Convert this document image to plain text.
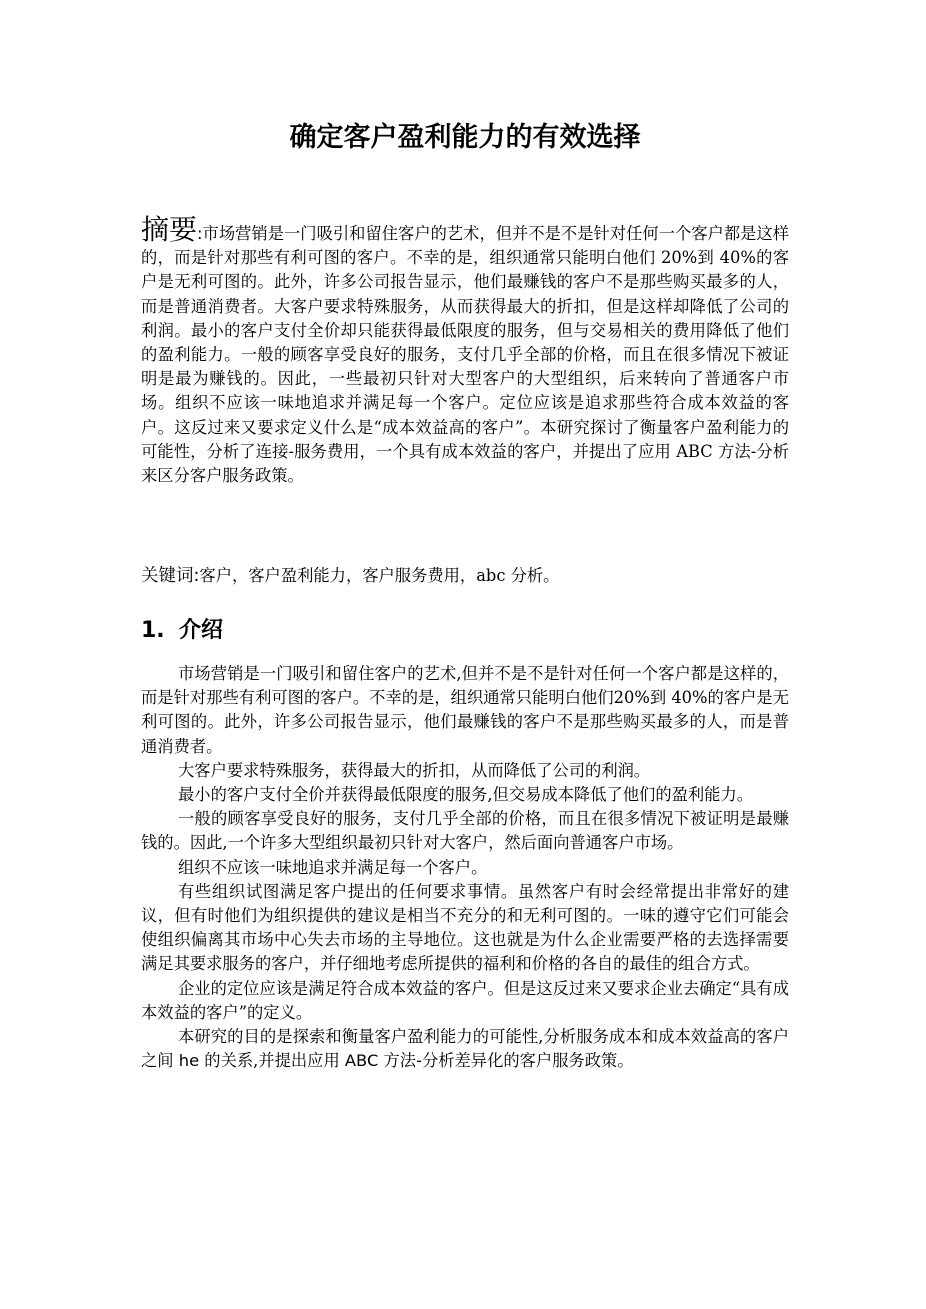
确定客户盈利能力的有效选择

摘要:市场营销是一门吸引和留住客户的艺术，但并不是不是针对任何一个客户都是这样的，而是针对那些有利可图的客户。不幸的是，组织通常只能明白他们 20%到 40%的客户是无利可图的。此外，许多公司报告显示，他们最赚钱的客户不是那些购买最多的人，而是普通消费者。大客户要求特殊服务，从而获得最大的折扣，但是这样却降低了公司的利润。最小的客户支付全价却只能获得最低限度的服务，但与交易相关的费用降低了他们的盈利能力。一般的顾客享受良好的服务，支付几乎全部的价格，而且在很多情况下被证明是最为赚钱的。因此，一些最初只针对大型客户的大型组织，后来转向了普通客户市场。组织不应该一味地追求并满足每一个客户。定位应该是追求那些符合成本效益的客户。这反过来又要求定义什么是“成本效益高的客户”。本研究探讨了衡量客户盈利能力的可能性，分析了连接-服务费用，一个具有成本效益的客户，并提出了应用 ABC 方法-分析来区分客户服务政策。

关键词:客户，客户盈利能力，客户服务费用，abc 分析。

1. 介绍

市场营销是一门吸引和留住客户的艺术,但并不是不是针对任何一个客户都是这样的，而是针对那些有利可图的客户。不幸的是，组织通常只能明白他们20%到 40%的客户是无利可图的。此外，许多公司报告显示，他们最赚钱的客户不是那些购买最多的人，而是普通消费者。

大客户要求特殊服务，获得最大的折扣，从而降低了公司的利润。

最小的客户支付全价并获得最低限度的服务,但交易成本降低了他们的盈利能力。

一般的顾客享受良好的服务，支付几乎全部的价格，而且在很多情况下被证明是最赚钱的。因此,一个许多大型组织最初只针对大客户，然后面向普通客户市场。

组织不应该一味地追求并满足每一个客户。

有些组织试图满足客户提出的任何要求事情。虽然客户有时会经常提出非常好的建议，但有时他们为组织提供的建议是相当不充分的和无利可图的。一味的遵守它们可能会使组织偏离其市场中心失去市场的主导地位。这也就是为什么企业需要严格的去选择需要满足其要求服务的客户，并仔细地考虑所提供的福利和价格的各自的最佳的组合方式。

企业的定位应该是满足符合成本效益的客户。但是这反过来又要求企业去确定“具有成本效益的客户”的定义。

本研究的目的是探索和衡量客户盈利能力的可能性,分析服务成本和成本效益高的客户之间 he 的关系,并提出应用 ABC 方法-分析差异化的客户服务政策。
